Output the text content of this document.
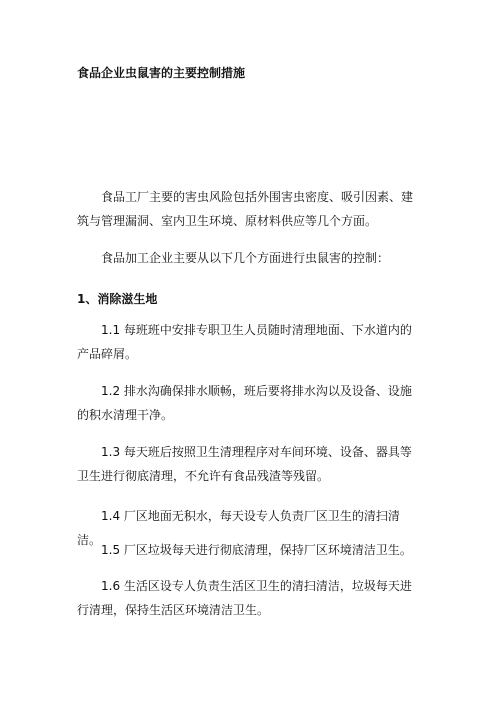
食品企业虫鼠害的主要控制措施

食品工厂主要的害虫风险包括外围害虫密度、吸引因素、建筑与管理漏洞、室内卫生环境、原材料供应等几个方面。

食品加工企业主要从以下几个方面进行虫鼠害的控制：

1、消除滋生地

1.1 每班班中安排专职卫生人员随时清理地面、下水道内的产品碎屑。

1.2 排水沟确保排水顺畅，班后要将排水沟以及设备、设施的积水清理干净。

1.3 每天班后按照卫生清理程序对车间环境、设备、器具等卫生进行彻底清理，不允许有食品残渣等残留。

1.4 厂区地面无积水，每天设专人负责厂区卫生的清扫清洁。

1.5 厂区垃圾每天进行彻底清理，保持厂区环境清洁卫生。

1.6 生活区设专人负责生活区卫生的清扫清洁，垃圾每天进行清理，保持生活区环境清洁卫生。
